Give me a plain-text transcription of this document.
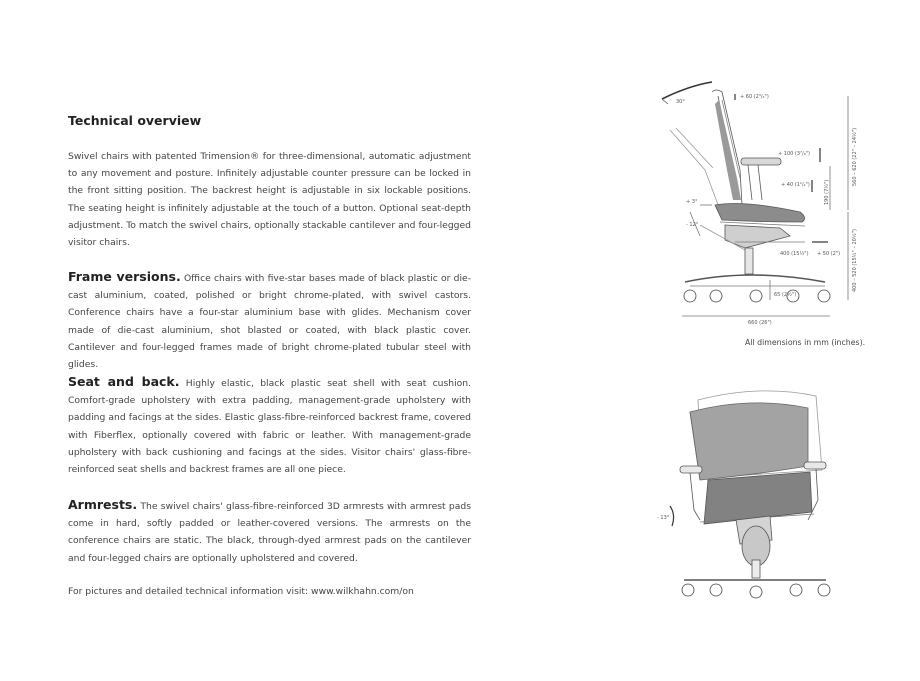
Technical overview

Swivel chairs with patented Trimension® for three-dimensional, automatic adjustment to any movement and posture. Infinitely adjustable counter pressure can be locked in the front sitting position. The backrest height is adjustable in six lockable positions. The seating height is infinitely adjustable at the touch of a button. Optional seat-depth adjustment. To match the swivel chairs, optionally stackable cantilever and four-legged visitor chairs.

Frame versions. Office chairs with five-star bases made of black plastic or die-cast aluminium, coated, polished or bright chrome-plated, with swivel castors. Conference chairs have a four-star aluminium base with glides. Mechanism cover made of die-cast aluminium, shot blasted or coated, with black plastic cover. Cantilever and four-legged frames made of bright chrome-plated tubular steel with glides.

Seat and back. Highly elastic, black plastic seat shell with seat cushion. Comfort-grade upholstery with extra padding, management-grade upholstery with padding and facings at the sides. Elastic glass-fibre-reinforced backrest frame, covered with Fiberflex, optionally covered with fabric or leather. With management-grade upholstery with back cushioning and facings at the sides. Visitor chairs' glass-fibre-reinforced seat shells and backrest frames are all one piece.

Armrests. The swivel chairs' glass-fibre-reinforced 3D armrests with armrest pads come in hard, softly padded or leather-covered versions. The armrests on the conference chairs are static. The black, through-dyed armrest pads on the cantilever and four-legged chairs are optionally upholstered and covered.

For pictures and detailed technical information visit: www.wilkhahn.com/on

30°
+ 60 (2³/₄")
+ 100 (3⁷/₈")
+ 40 (1¹/₂")	190 (7½")
+ 3°
- 12°
400 (15½") + 50 (2")
560 – 620 (22" – 24½")
400 – 520 (15½" – 20½")
65 (2½")
660 (26")

All dimensions in mm (inches).

- 13°
